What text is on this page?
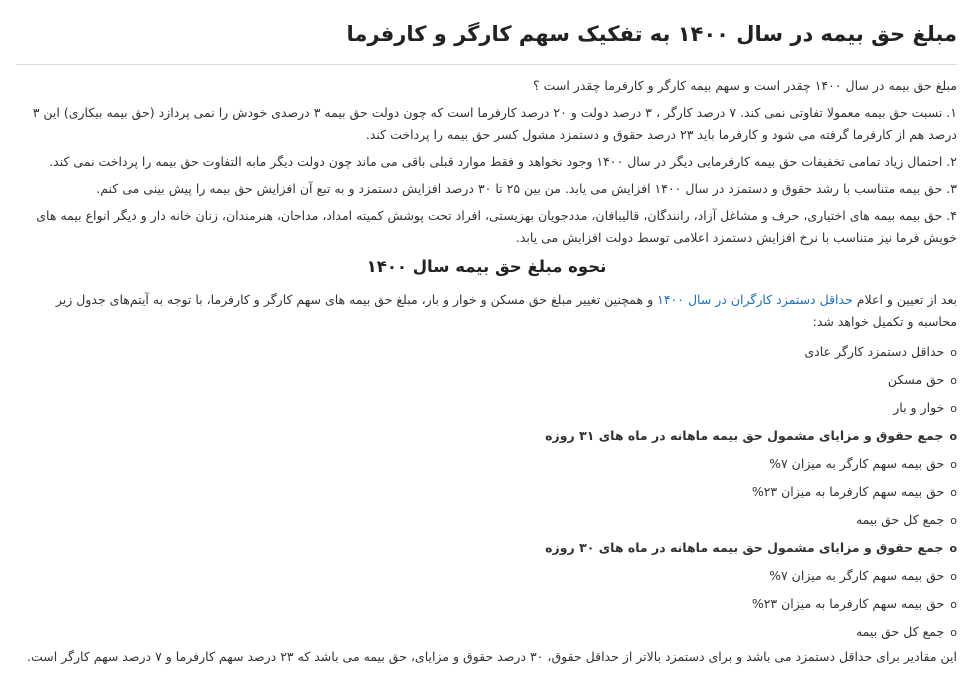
مبلغ حق بیمه در سال ۱۴۰۰ به تفکیک سهم کارگر و کارفرما

مبلغ حق بیمه در سال ۱۴۰۰ چقدر است و سهم بیمه کارگر و کارفرما چقدر است ؟

۱. نسبت حق بیمه معمولا تفاوتی نمی کند. ۷ درصد کارگر ، ۳ درصد دولت و ۲۰ درصد کارفرما است که چون دولت حق بیمه ۳ درصدی خودش را نمی پردازد (حق بیمه بیکاری) این ۳ درصد هم از کارفرما گرفته می شود و کارفرما باید ۲۳ درصد حقوق و دستمزد مشول کسر حق بیمه را پرداخت کند.

۲. احتمال زیاد تمامی تخفیفات حق بیمه کارفرمایی دیگر در سال ۱۴۰۰ وجود نخواهد و فقط موارد قبلی باقی می ماند چون دولت دیگر مابه التفاوت حق بیمه را پرداخت نمی کند.

۳. حق بیمه متناسب با رشد حقوق و دستمزد در سال ۱۴۰۰ افزایش می یابد. من بین ۲۵ تا ۳۰ درصد افزایش دستمزد و به تبع آن افزایش حق بیمه را پیش بینی می کنم.

۴. حق بیمه بیمه های اختیاری، حرف و مشاغل آزاد، رانندگان، قالیبافان، مددجویان بهزیستی، افراد تحت پوشش کمیته امداد، مداحان، هنرمندان، زنان خانه دار و دیگر انواع بیمه های خویش فرما نیز متناسب با نرخ افزایش دستمزد اعلامی توسط دولت افزایش می یابد.

نحوه مبلغ حق بیمه سال ۱۴۰۰

بعد از تعیین و اعلام حداقل دستمزد کارگران در سال ۱۴۰۰ و همچنین تغییر مبلغ حق مسکن و خوار و بار، مبلغ حق بیمه های سهم کارگر و کارفرما، با توجه به آیتم‌های جدول زیر محاسبه و تکمیل خواهد شد:

oحداقل دستمزد کارگر عادی
oحق مسکن
oخوار و بار
oجمع حقوق و مزایای مشمول حق بیمه ماهانه در ماه های ۳۱ روزه
oحق بیمه سهم کارگر به میزان ۷%
oحق بیمه سهم کارفرما به میزان ۲۳%
oجمع کل حق بیمه
oجمع حقوق و مزایای مشمول حق بیمه ماهانه در ماه های ۳۰ روزه
oحق بیمه سهم کارگر به میزان ۷%
oحق بیمه سهم کارفرما به میزان ۲۳%
oجمع کل حق بیمه

این مقادیر برای حداقل دستمزد می باشد و برای دستمزد بالاتر از حداقل حقوق، ۳۰ درصد حقوق و مزایای، حق بیمه می باشد که ۲۳ درصد سهم کارفرما و ۷ درصد سهم کارگر است.
